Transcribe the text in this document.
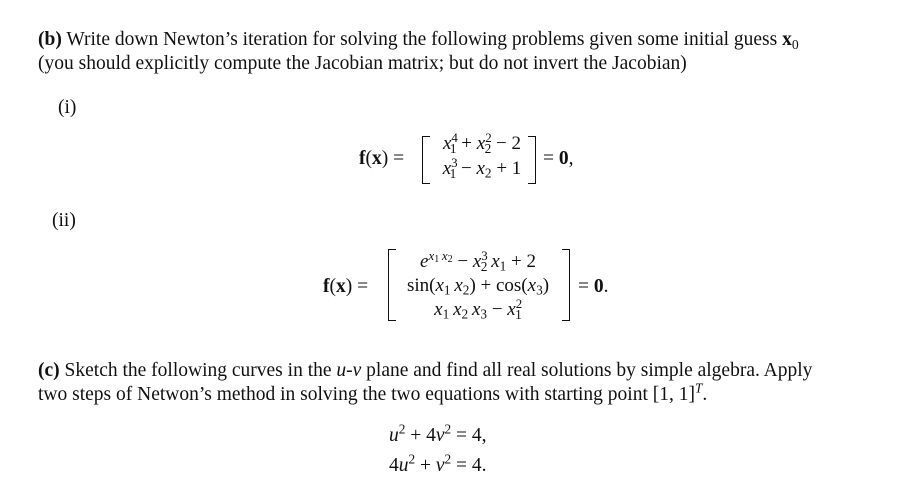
(b) Write down Newton’s iteration for solving the following problems given some initial guess $x_0$
(you should explicitly compute the Jacobian matrix; but do not invert the Jacobian)
(i)
f(x) =
$x^4_1 + x^2_2 - 2$
$x^3_1 - x_2 + 1$	= 0,
(ii)
f(x) =
$e^{x1 x2} - x^3_2$  $x_1 + 2$
$\sin(x_1$  $x_2) + \cos(x_3)$
$x_1$  $x_2$  $x_3 - x^2_1$
= 0.
(c) Sketch the following curves in the u-v plane and find all real solutions by simple algebra. Apply
two steps of Netwon’s method in solving the two equations with starting point [1, 1]$^T$.
$u^2 + 4v^2 = 4$,
$4u^2 + v^2 = 4$.
